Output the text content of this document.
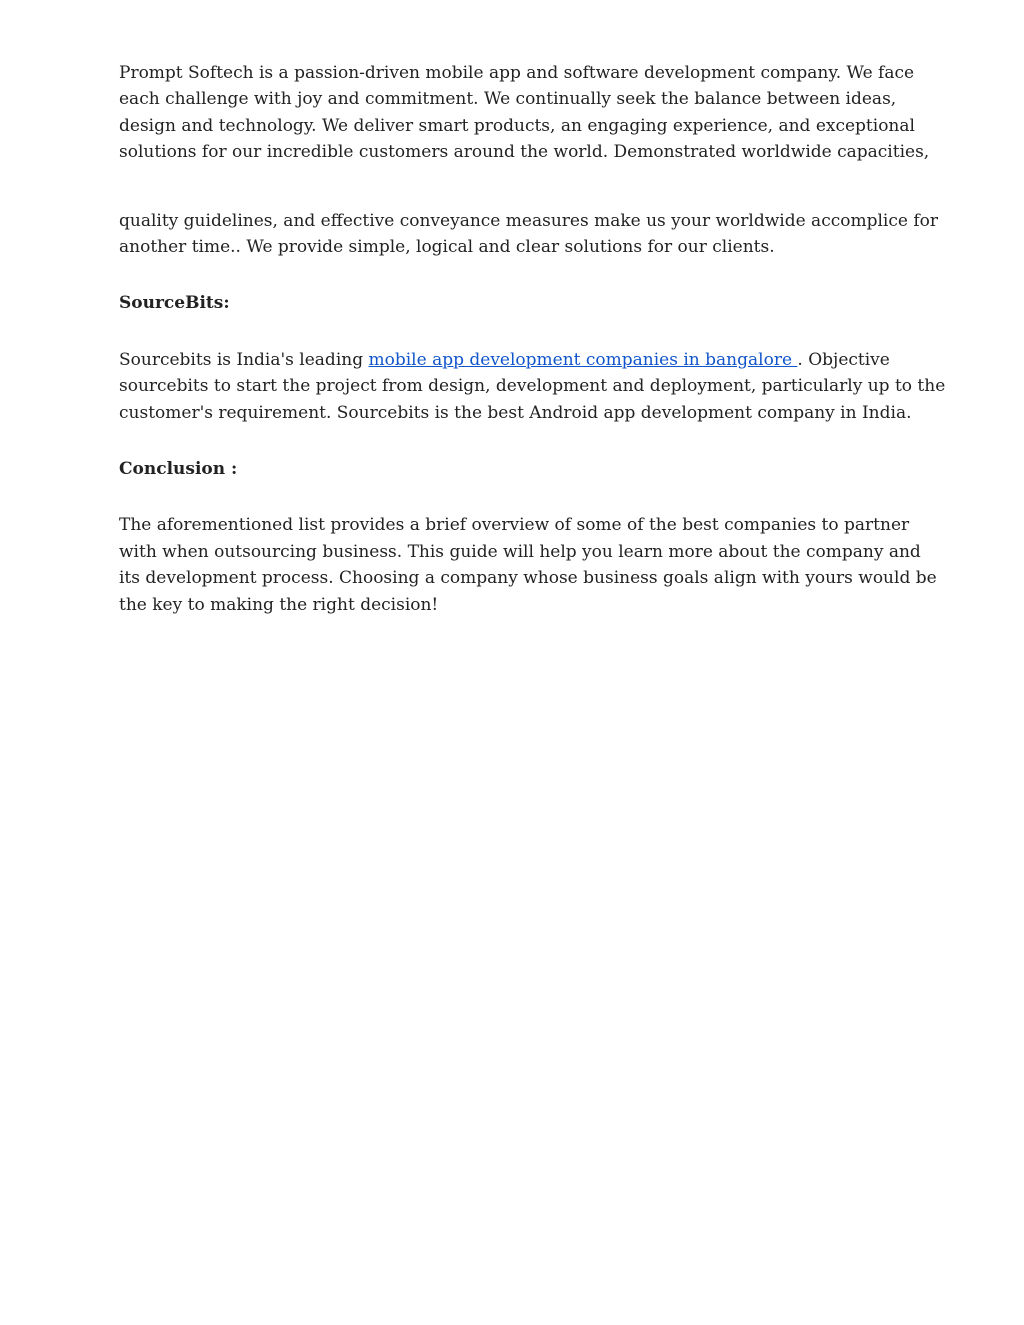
Prompt Softech is a passion-driven mobile app and software development company. We face
each challenge with joy and commitment. We continually seek the balance between ideas,
design and technology. We deliver smart products, an engaging experience, and exceptional
solutions for our incredible customers around the world. Demonstrated worldwide capacities,
quality guidelines, and effective conveyance measures make us your worldwide accomplice for
another time.. We provide simple, logical and clear solutions for our clients.
SourceBits:
Sourcebits is India's leading mobile app development companies in bangalore . Objective
sourcebits to start the project from design, development and deployment, particularly up to the
customer's requirement. Sourcebits is the best Android app development company in India.
Conclusion :
The aforementioned list provides a brief overview of some of the best companies to partner
with when outsourcing business. This guide will help you learn more about the company and
its development process. Choosing a company whose business goals align with yours would be
the key to making the right decision!
